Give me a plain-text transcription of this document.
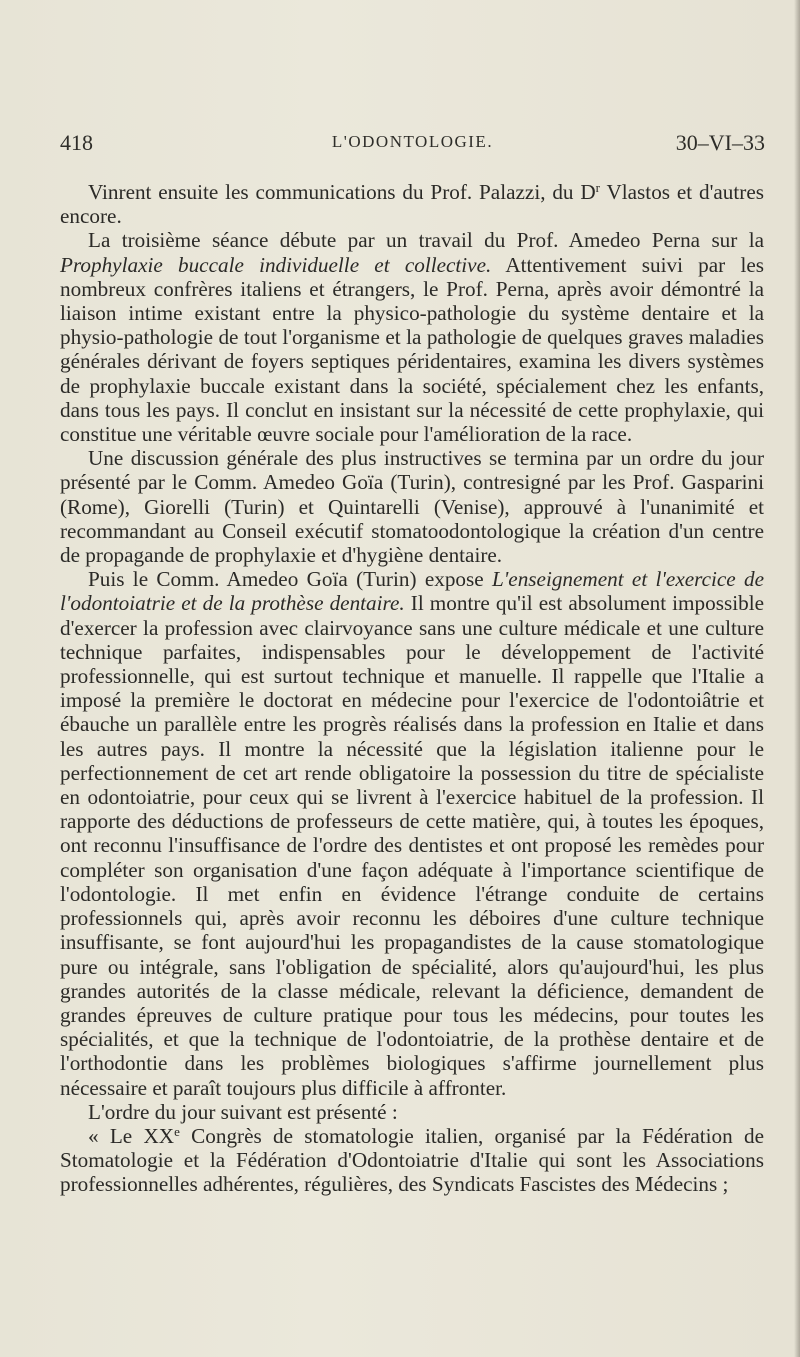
418	L'ODONTOLOGIE.	30–VI–33

Vinrent ensuite les communications du Prof. Palazzi, du $D^r$ Vlastos et d'autres encore.

La troisième séance débute par un travail du Prof. Amedeo Perna sur la Prophylaxie buccale individuelle et collective. Attentivement suivi par les nombreux confrères italiens et étrangers, le Prof. Perna, après avoir démontré la liaison intime existant entre la physico-pathologie du système dentaire et la physio-pathologie de tout l'organisme et la pathologie de quelques graves maladies générales dérivant de foyers septiques péridentaires, examina les divers systèmes de prophylaxie buccale existant dans la société, spécialement chez les enfants, dans tous les pays. Il conclut en insistant sur la nécessité de cette prophylaxie, qui constitue une véritable œuvre sociale pour l'amélioration de la race.

Une discussion générale des plus instructives se termina par un ordre du jour présenté par le Comm. Amedeo Goïa (Turin), contresigné par les Prof. Gasparini (Rome), Giorelli (Turin) et Quintarelli (Venise), approuvé à l'unanimité et recommandant au Conseil exécutif stomatoodontologique la création d'un centre de propagande de prophylaxie et d'hygiène dentaire.

Puis le Comm. Amedeo Goïa (Turin) expose L'enseignement et l'exercice de l'odontoiatrie et de la prothèse dentaire. Il montre qu'il est absolument impossible d'exercer la profession avec clairvoyance sans une culture médicale et une culture technique parfaites, indispensables pour le développement de l'activité professionnelle, qui est surtout technique et manuelle. Il rappelle que l'Italie a imposé la première le doctorat en médecine pour l'exercice de l'odontoiâtrie et ébauche un parallèle entre les progrès réalisés dans la profession en Italie et dans les autres pays. Il montre la nécessité que la législation italienne pour le perfectionnement de cet art rende obligatoire la possession du titre de spécialiste en odontoiatrie, pour ceux qui se livrent à l'exercice habituel de la profession. Il rapporte des déductions de professeurs de cette matière, qui, à toutes les époques, ont reconnu l'insuffisance de l'ordre des dentistes et ont proposé les remèdes pour compléter son organisation d'une façon adéquate à l'importance scientifique de l'odontologie. Il met enfin en évidence l'étrange conduite de certains professionnels qui, après avoir reconnu les déboires d'une culture technique insuffisante, se font aujourd'hui les propagandistes de la cause stomatologique pure ou intégrale, sans l'obligation de spécialité, alors qu'aujourd'hui, les plus grandes autorités de la classe médicale, relevant la déficience, demandent de grandes épreuves de culture pratique pour tous les médecins, pour toutes les spécialités, et que la technique de l'odontoiatrie, de la prothèse dentaire et de l'orthodontie dans les problèmes biologiques s'affirme journellement plus nécessaire et paraît toujours plus difficile à affronter.

L'ordre du jour suivant est présenté :

« Le XXe Congrès de stomatologie italien, organisé par la Fédération de Stomatologie et la Fédération d'Odontoiatrie d'Italie qui sont les Associations professionnelles adhérentes, régulières, des Syndicats Fascistes des Médecins ;
